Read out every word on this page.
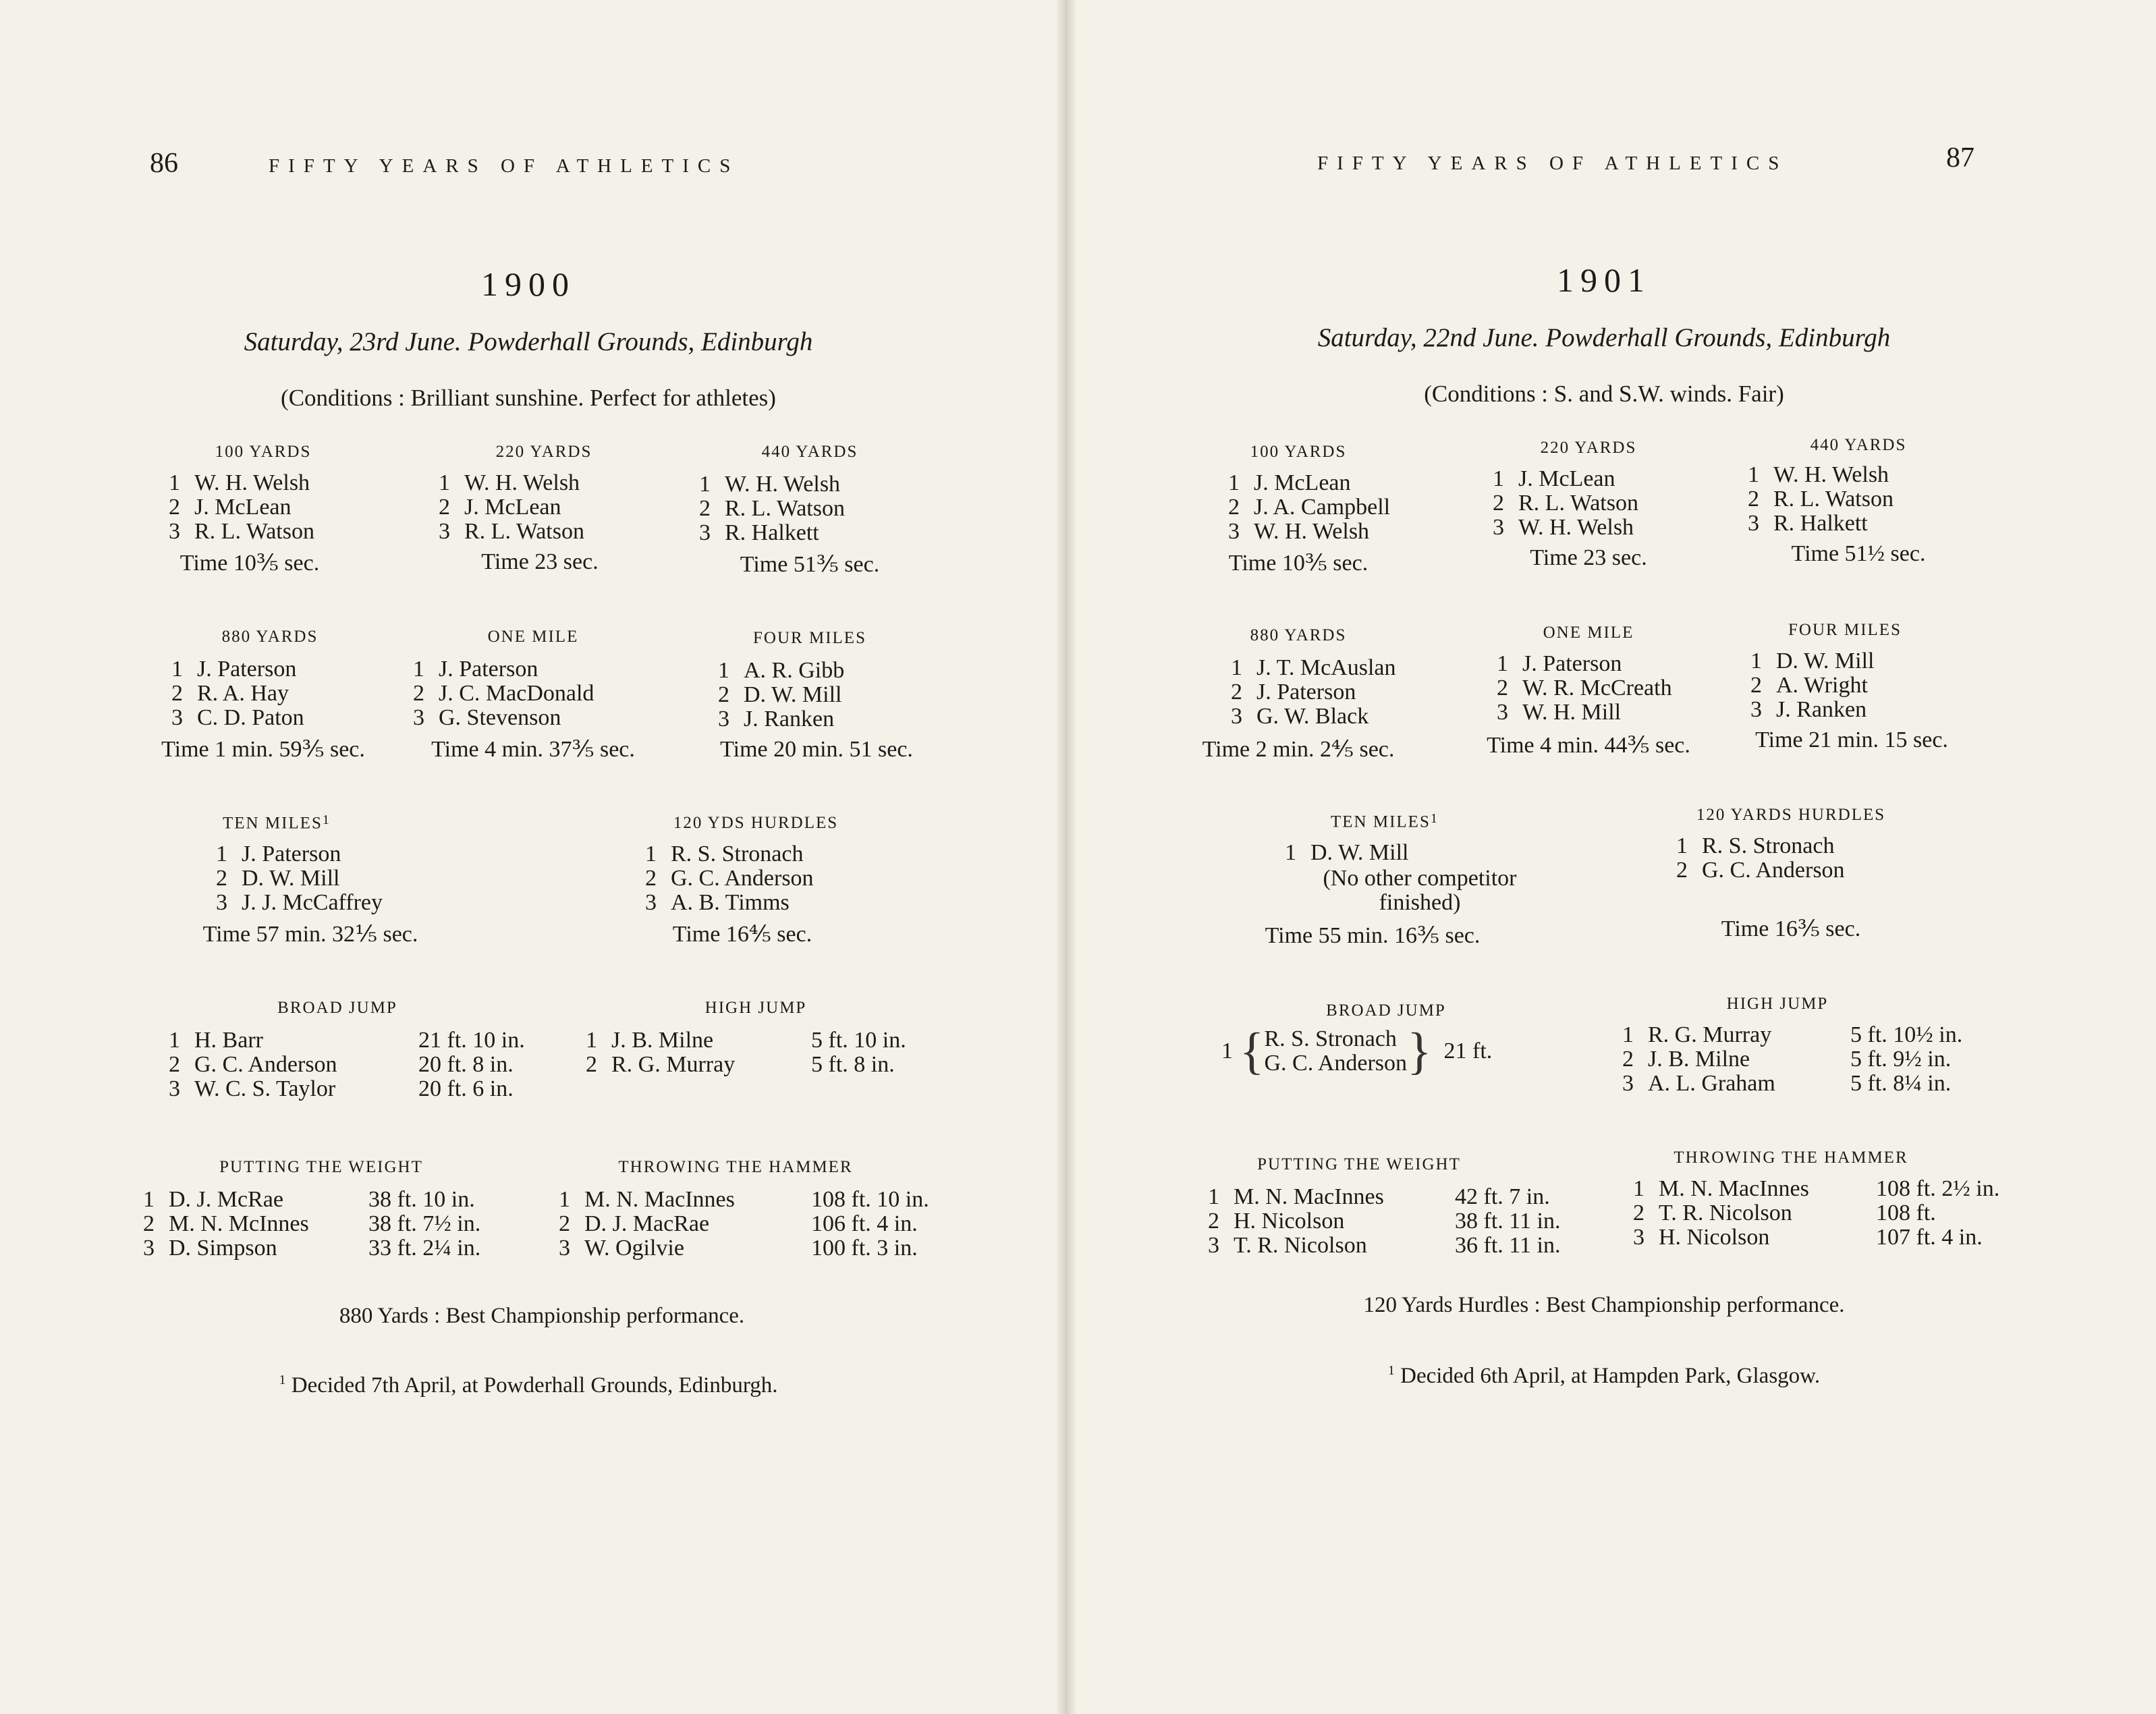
86	FIFTY YEARS OF ATHLETICS
1900
Saturday, 23rd June. Powderhall Grounds, Edinburgh
(Conditions : Brilliant sunshine. Perfect for athletes)
100 YARDS
1 W. H. Welsh
2 J. McLean
3 R. L. Watson
Time 10⅗ sec.
220 YARDS
1 W. H. Welsh
2 J. McLean
3 R. L. Watson
Time 23 sec.
440 YARDS
1 W. H. Welsh
2 R. L. Watson
3 R. Halkett
Time 51⅗ sec.
880 YARDS
1 J. Paterson
2 R. A. Hay
3 C. D. Paton
Time 1 min. 59⅗ sec.
ONE MILE
1 J. Paterson
2 J. C. MacDonald
3 G. Stevenson
Time 4 min. 37⅗ sec.
FOUR MILES
1 A. R. Gibb
2 D. W. Mill
3 J. Ranken
Time 20 min. 51 sec.
TEN MILES1
1 J. Paterson
2 D. W. Mill
3 J. J. McCaffrey
Time 57 min. 32⅕ sec.
120 YDS HURDLES
1 R. S. Stronach
2 G. C. Anderson
3 A. B. Timms
Time 16⅘ sec.
BROAD JUMP
1 H. Barr	21 ft. 10 in.
2 G. C. Anderson	20 ft. 8 in.
3 W. C. S. Taylor	20 ft. 6 in.
HIGH JUMP
1 J. B. Milne	5 ft. 10 in.
2 R. G. Murray	5 ft. 8 in.
PUTTING THE WEIGHT
1 D. J. McRae	38 ft. 10 in.
2 M. N. McInnes	38 ft. 7½ in.
3 D. Simpson	33 ft. 2¼ in.
THROWING THE HAMMER
1 M. N. MacInnes	108 ft. 10 in.
2 D. J. MacRae	106 ft. 4 in.
3 W. Ogilvie	100 ft. 3 in.
880 Yards : Best Championship performance.
$^1$ Decided 7th April, at Powderhall Grounds, Edinburgh.
FIFTY YEARS OF ATHLETICS	87
1901
Saturday, 22nd June. Powderhall Grounds, Edinburgh
(Conditions : S. and S.W. winds. Fair)
100 YARDS
1 J. McLean
2 J. A. Campbell
3 W. H. Welsh
Time 10⅗ sec.
220 YARDS
1 J. McLean
2 R. L. Watson
3 W. H. Welsh
Time 23 sec.
440 YARDS
1 W. H. Welsh
2 R. L. Watson
3 R. Halkett
Time 51½ sec.
880 YARDS
1 J. T. McAuslan
2 J. Paterson
3 G. W. Black
Time 2 min. 2⅘ sec.
ONE MILE
1 J. Paterson
2 W. R. McCreath
3 W. H. Mill
Time 4 min. 44⅗ sec.
FOUR MILES
1 D. W. Mill
2 A. Wright
3 J. Ranken
Time 21 min. 15 sec.
TEN MILES1
1 D. W. Mill
(No other competitor
finished)
Time 55 min. 16⅗ sec.
120 YARDS HURDLES
1 R. S. Stronach
2 G. C. Anderson
Time 16⅗ sec.
BROAD JUMP
1 { R. S. Stronach
G. C. Anderson } 21 ft.
HIGH JUMP
1 R. G. Murray	5 ft. 10½ in.
2 J. B. Milne	5 ft. 9½ in.
3 A. L. Graham	5 ft. 8¼ in.
PUTTING THE WEIGHT
1 M. N. MacInnes	42 ft. 7 in.
2 H. Nicolson	38 ft. 11 in.
3 T. R. Nicolson	36 ft. 11 in.
THROWING THE HAMMER
1 M. N. MacInnes	108 ft. 2½ in.
2 T. R. Nicolson	108 ft.
3 H. Nicolson	107 ft. 4 in.
120 Yards Hurdles : Best Championship performance.
$^1$ Decided 6th April, at Hampden Park, Glasgow.
